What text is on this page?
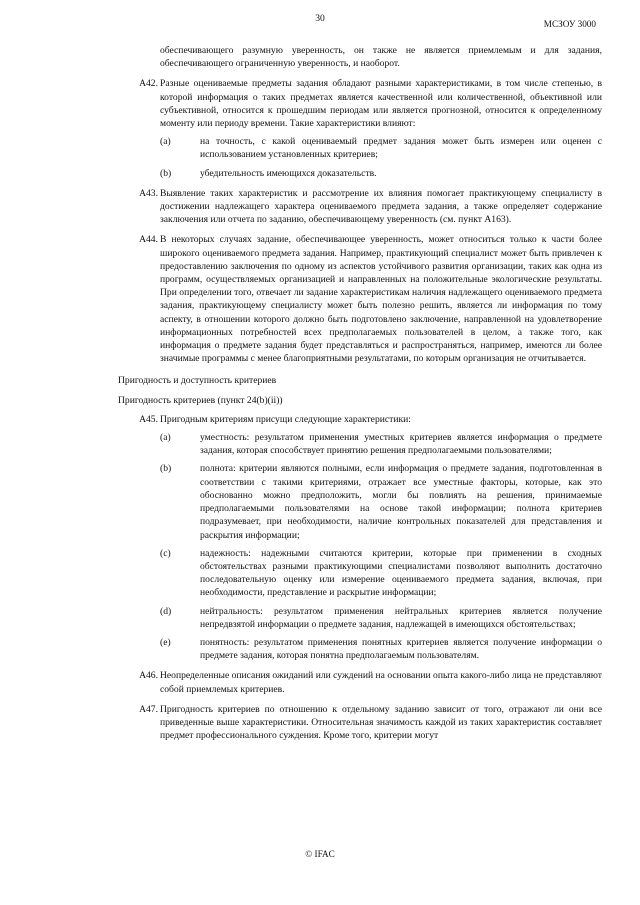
30	МСЗОУ 3000

обеспечивающего разумную уверенность, он также не является приемлемым и для задания, обеспечивающего ограниченную уверенность, и наоборот.

A42. Разные оцениваемые предметы задания обладают разными характеристиками, в том числе степенью, в которой информация о таких предметах является качественной или количественной, объективной или субъективной, относится к прошедшим периодам или является прогнозной, относится к определенному моменту или периоду времени. Такие характеристики влияют:
(a)	на точность, с какой оцениваемый предмет задания может быть измерен или оценен с использованием установленных критериев;
(b)	убедительность имеющихся доказательств.
A43. Выявление таких характеристик и рассмотрение их влияния помогает практикующему специалисту в достижении надлежащего характера оцениваемого предмета задания, а также определяет содержание заключения или отчета по заданию, обеспечивающему уверенность (см. пункт A163).
A44. В некоторых случаях задание, обеспечивающее уверенность, может относиться только к части более широкого оцениваемого предмета задания. Например, практикующий специалист может быть привлечен к предоставлению заключения по одному из аспектов устойчивого развития организации, таких как одна из программ, осуществляемых организацией и направленных на положительные экологические результаты. При определении того, отвечает ли задание характеристикам наличия надлежащего оцениваемого предмета задания, практикующему специалисту может быть полезно решить, является ли информация по тому аспекту, в отношении которого должно быть подготовлено заключение, направленной на удовлетворение информационных потребностей всех предполагаемых пользователей в целом, а также того, как информация о предмете задания будет представляться и распространяться, например, имеются ли более значимые программы с менее благоприятными результатами, по которым организация не отчитывается.

Пригодность и доступность критериев

Пригодность критериев (пункт 24(b)(ii))

A45. Пригодным критериям присущи следующие характеристики:
(a)	уместность: результатом применения уместных критериев является информация о предмете задания, которая способствует принятию решения предполагаемыми пользователями;
(b)	полнота: критерии являются полными, если информация о предмете задания, подготовленная в соответствии с такими критериями, отражает все уместные факторы, которые, как это обоснованно можно предположить, могли бы повлиять на решения, принимаемые предполагаемыми пользователями на основе такой информации; полнота критериев подразумевает, при необходимости, наличие контрольных показателей для представления и раскрытия информации;
(c)	надежность: надежными считаются критерии, которые при применении в сходных обстоятельствах разными практикующими специалистами позволяют выполнить достаточно последовательную оценку или измерение оцениваемого предмета задания, включая, при необходимости, представление и раскрытие информации;
(d)	нейтральность: результатом применения нейтральных критериев является получение непредвзятой информации о предмете задания, надлежащей в имеющихся обстоятельствах;
(e)	понятность: результатом применения понятных критериев является получение информации о предмете задания, которая понятна предполагаемым пользователям.
A46. Неопределенные описания ожиданий или суждений на основании опыта какого-либо лица не представляют собой приемлемых критериев.
A47. Пригодность критериев по отношению к отдельному заданию зависит от того, отражают ли они все приведенные выше характеристики. Относительная значимость каждой из таких характеристик составляет предмет профессионального суждения. Кроме того, критерии могут
© IFAC
